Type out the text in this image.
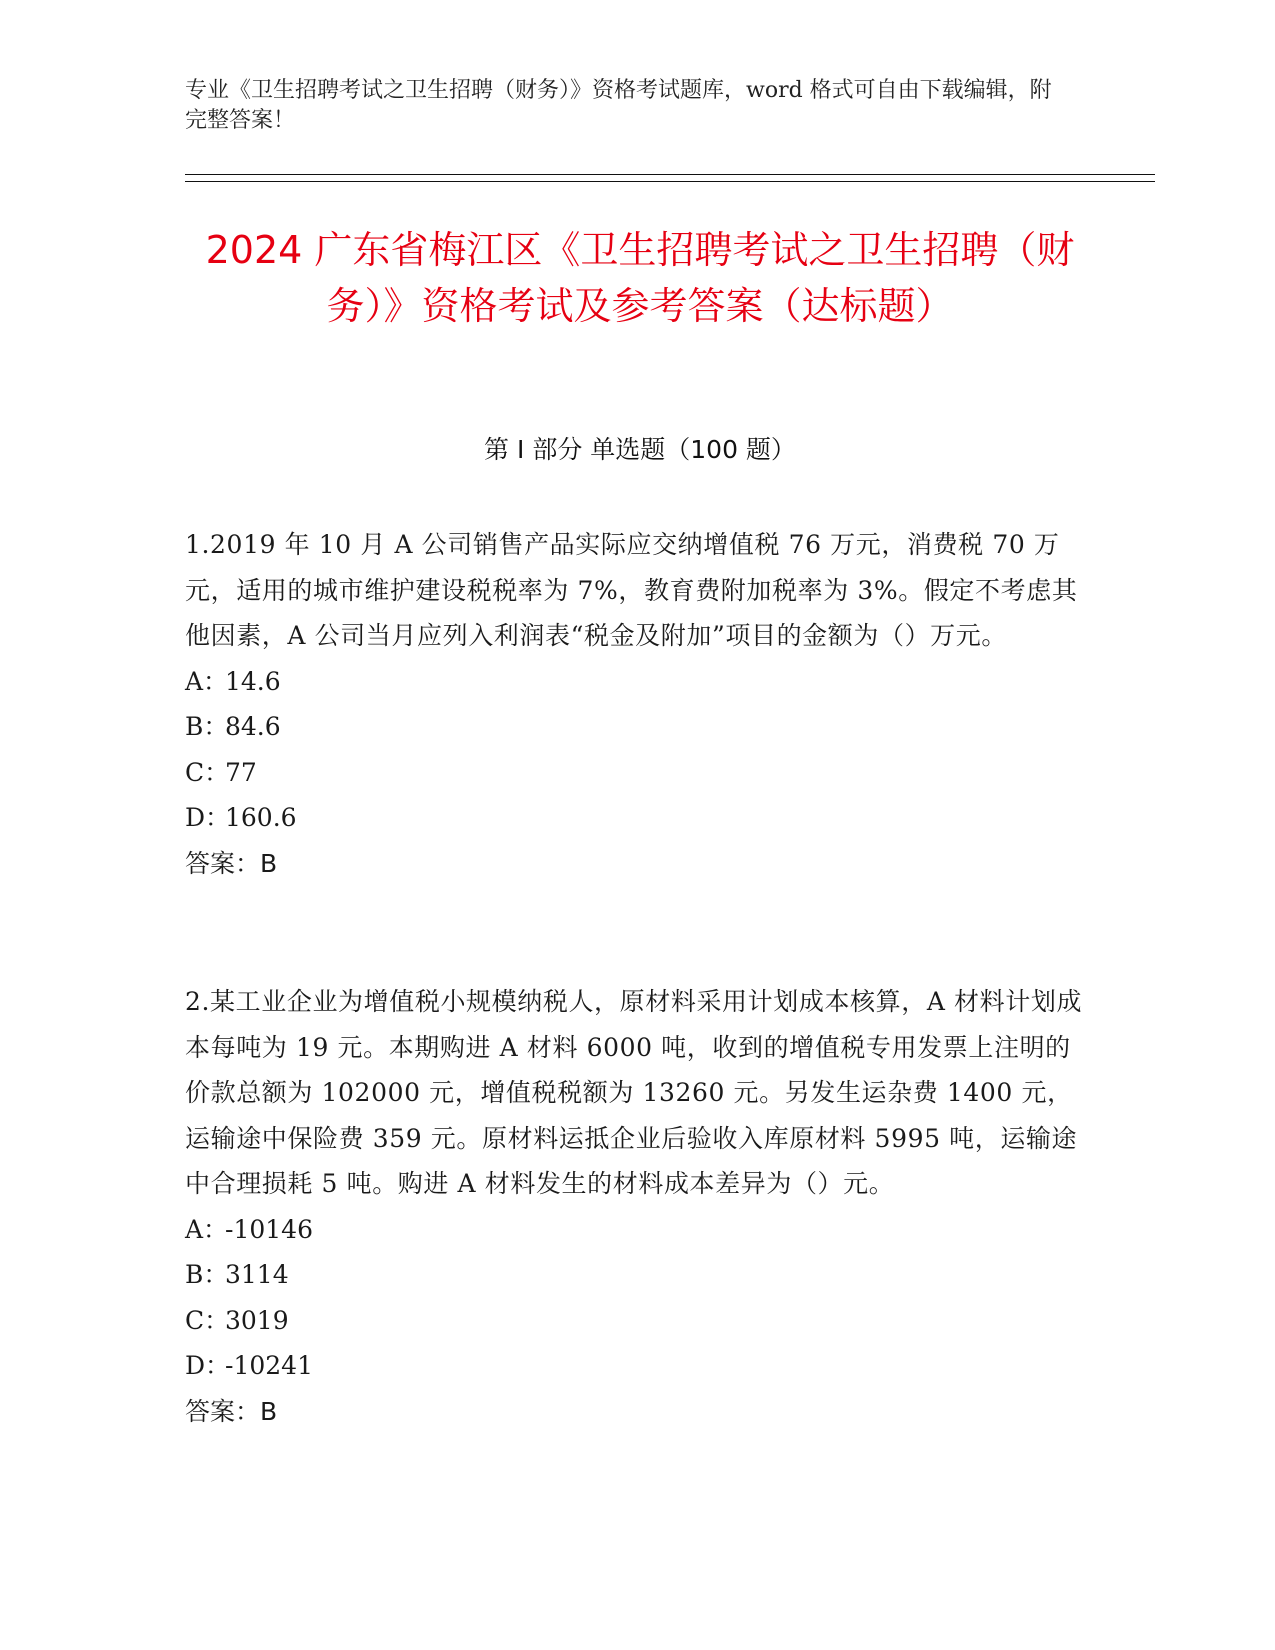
专业《卫生招聘考试之卫生招聘（财务）》资格考试题库，word 格式可自由下载编辑，附完整答案！
2024 广东省梅江区《卫生招聘考试之卫生招聘（财务）》资格考试及参考答案（达标题）
第 I 部分 单选题（100 题）

1.2019 年 10 月 A 公司销售产品实际应交纳增值税 76 万元，消费税 70 万元，适用的城市维护建设税税率为 7%，教育费附加税率为 3%。假定不考虑其他因素，A 公司当月应列入利润表“税金及附加”项目的金额为（）万元。

A：
14.6

B：
84.6

C：
77

D：
160.6

答案：B

2.某工业企业为增值税小规模纳税人，原材料采用计划成本核算，A 材料计划成本每吨为 19 元。本期购进 A 材料 6000 吨，收到的增值税专用发票上注明的价款总额为 102000 元，增值税税额为 13260 元。另发生运杂费 1400 元，运输途中保险费 359 元。原材料运抵企业后验收入库原材料 5995 吨，运输途中合理损耗 5 吨。购进 A 材料发生的材料成本差异为（）元。

A：
-10146

B：
3114

C：
3019

D：
-10241

答案：B
